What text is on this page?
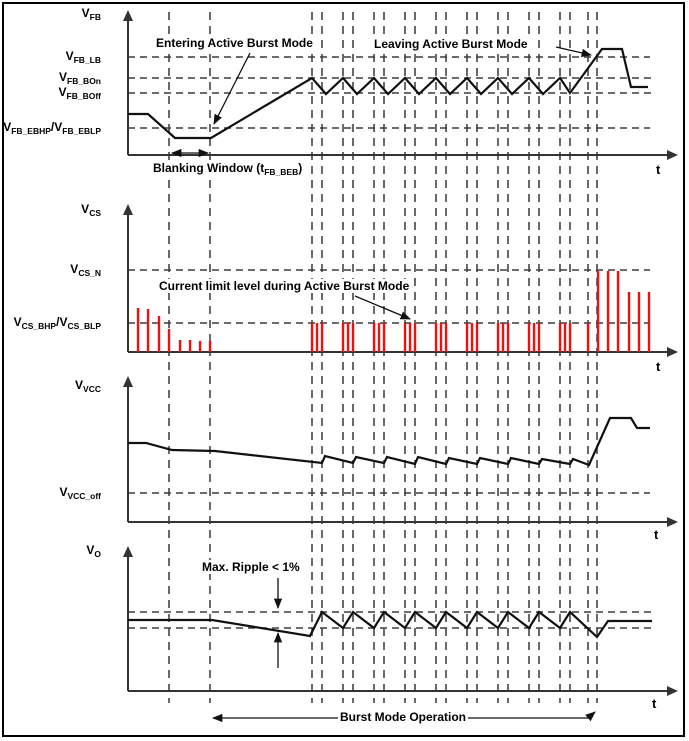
$V_{FB}$
$V_{FB\_LB}$
$V_{FB\_BOn}$
$V_{FB\_BOff}$
$V_{FB\_EBHP}/V_{FB\_EBLP}$
$V_{CS}$
$V_{CS\_N}$
$V_{CS\_BHP}/V_{CS\_BLP}$
$V_{VCC}$
$V_{VCC\_off}$
$V_O$
t
t
t
t
Entering Active Burst Mode	Leaving Active Burst Mode
Blanking Window $(t_{FB\_BEB})$
Current limit level during Active Burst Mode
Max. Ripple < 1%
Burst Mode Operation
